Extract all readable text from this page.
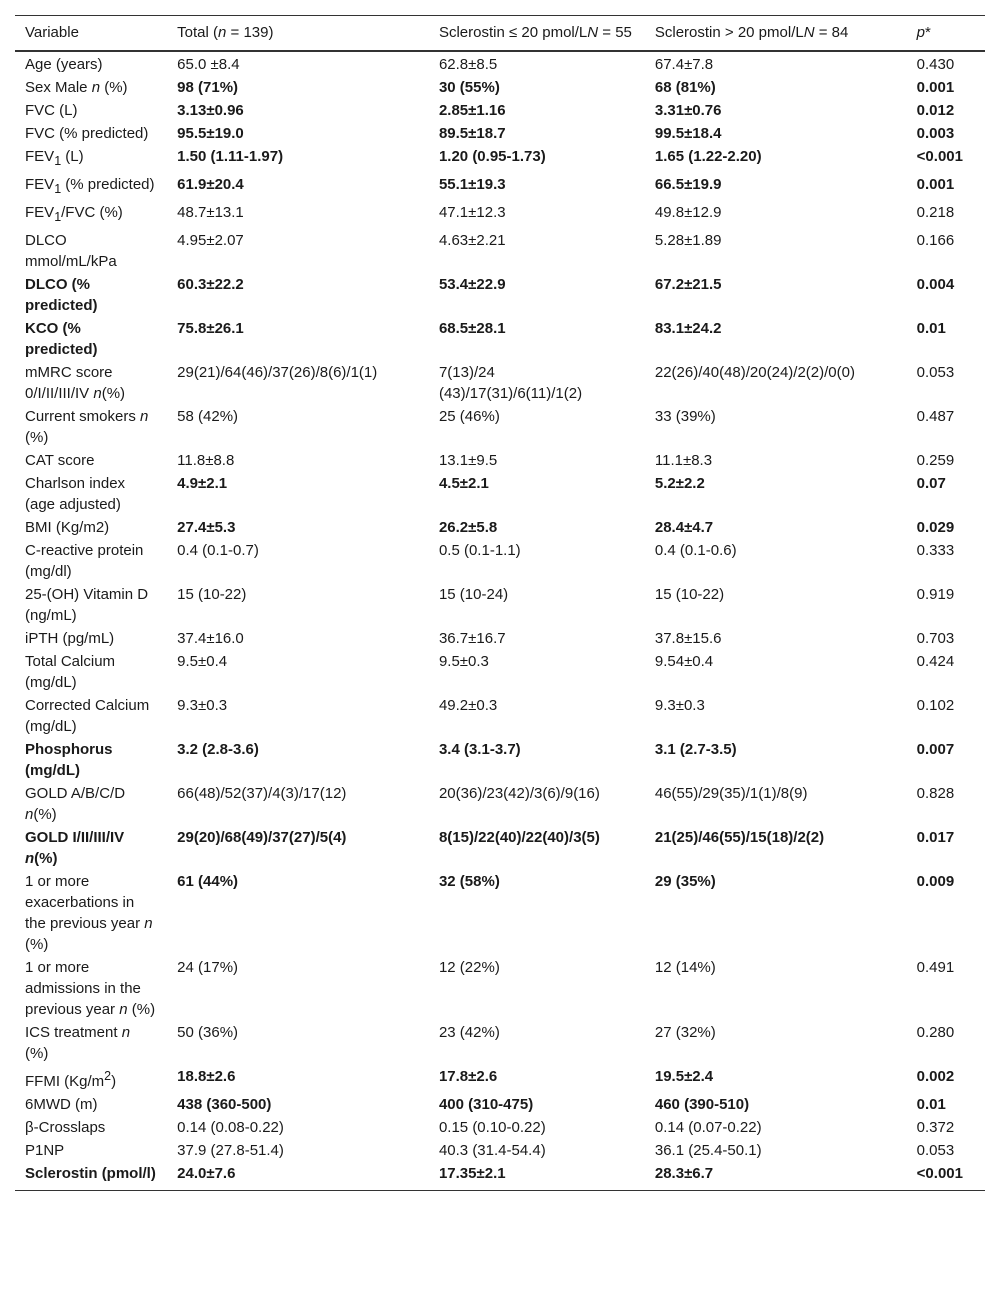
Variable	Total (n = 139)	Sclerostin ≤ 20 pmol/LN = 55	Sclerostin > 20 pmol/LN = 84	p*
Age (years)	65.0 ±8.4	62.8±8.5	67.4±7.8	0.430
Sex Male n (%)	98 (71%)	30 (55%)	68 (81%)	0.001
FVC (L)	3.13±0.96	2.85±1.16	3.31±0.76	0.012
FVC (% predicted)	95.5±19.0	89.5±18.7	99.5±18.4	0.003
$FEV_1$ (L)	1.50 (1.11-1.97)	1.20 (0.95-1.73)	1.65 (1.22-2.20)	<0.001
$FEV_1$ (% predicted)	61.9±20.4	55.1±19.3	66.5±19.9	0.001
$FEV_1$/FVC (%)	48.7±13.1	47.1±12.3	49.8±12.9	0.218
DLCO mmol/mL/kPa	4.95±2.07	4.63±2.21	5.28±1.89	0.166
DLCO (% predicted)	60.3±22.2	53.4±22.9	67.2±21.5	0.004
KCO (% predicted)	75.8±26.1	68.5±28.1	83.1±24.2	0.01
mMRC score 0/I/II/III/IV n(%)	29(21)/64(46)/37(26)/8(6)/1(1)	7(13)/24 (43)/17(31)/6(11)/1(2)	22(26)/40(48)/20(24)/2(2)/0(0)	0.053
Current smokers n (%)	58 (42%)	25 (46%)	33 (39%)	0.487
CAT score	11.8±8.8	13.1±9.5	11.1±8.3	0.259
Charlson index (age adjusted)	4.9±2.1	4.5±2.1	5.2±2.2	0.07
BMI (Kg/m2)	27.4±5.3	26.2±5.8	28.4±4.7	0.029
C-reactive protein (mg/dl)	0.4 (0.1-0.7)	0.5 (0.1-1.1)	0.4 (0.1-0.6)	0.333
25-(OH) Vitamin D (ng/mL)	15 (10-22)	15 (10-24)	15 (10-22)	0.919
iPTH (pg/mL)	37.4±16.0	36.7±16.7	37.8±15.6	0.703
Total Calcium (mg/dL)	9.5±0.4	9.5±0.3	9.54±0.4	0.424
Corrected Calcium (mg/dL)	9.3±0.3	49.2±0.3	9.3±0.3	0.102
Phosphorus (mg/dL)	3.2 (2.8-3.6)	3.4 (3.1-3.7)	3.1 (2.7-3.5)	0.007
GOLD A/B/C/D n(%)	66(48)/52(37)/4(3)/17(12)	20(36)/23(42)/3(6)/9(16)	46(55)/29(35)/1(1)/8(9)	0.828
GOLD I/II/III/IV n(%)	29(20)/68(49)/37(27)/5(4)	8(15)/22(40)/22(40)/3(5)	21(25)/46(55)/15(18)/2(2)	0.017
1 or more exacerbations in the previous year n (%)	61 (44%)	32 (58%)	29 (35%)	0.009
1 or more admissions in the previous year n (%)	24 (17%)	12 (22%)	12 (14%)	0.491
ICS treatment n (%)	50 (36%)	23 (42%)	27 (32%)	0.280
FFMI $(Kg/m^2)$	18.8±2.6	17.8±2.6	19.5±2.4	0.002
6MWD (m)	438 (360-500)	400 (310-475)	460 (390-510)	0.01
β-Crosslaps	0.14 (0.08-0.22)	0.15 (0.10-0.22)	0.14 (0.07-0.22)	0.372
P1NP	37.9 (27.8-51.4)	40.3 (31.4-54.4)	36.1 (25.4-50.1)	0.053
Sclerostin (pmol/l)	24.0±7.6	17.35±2.1	28.3±6.7	<0.001
